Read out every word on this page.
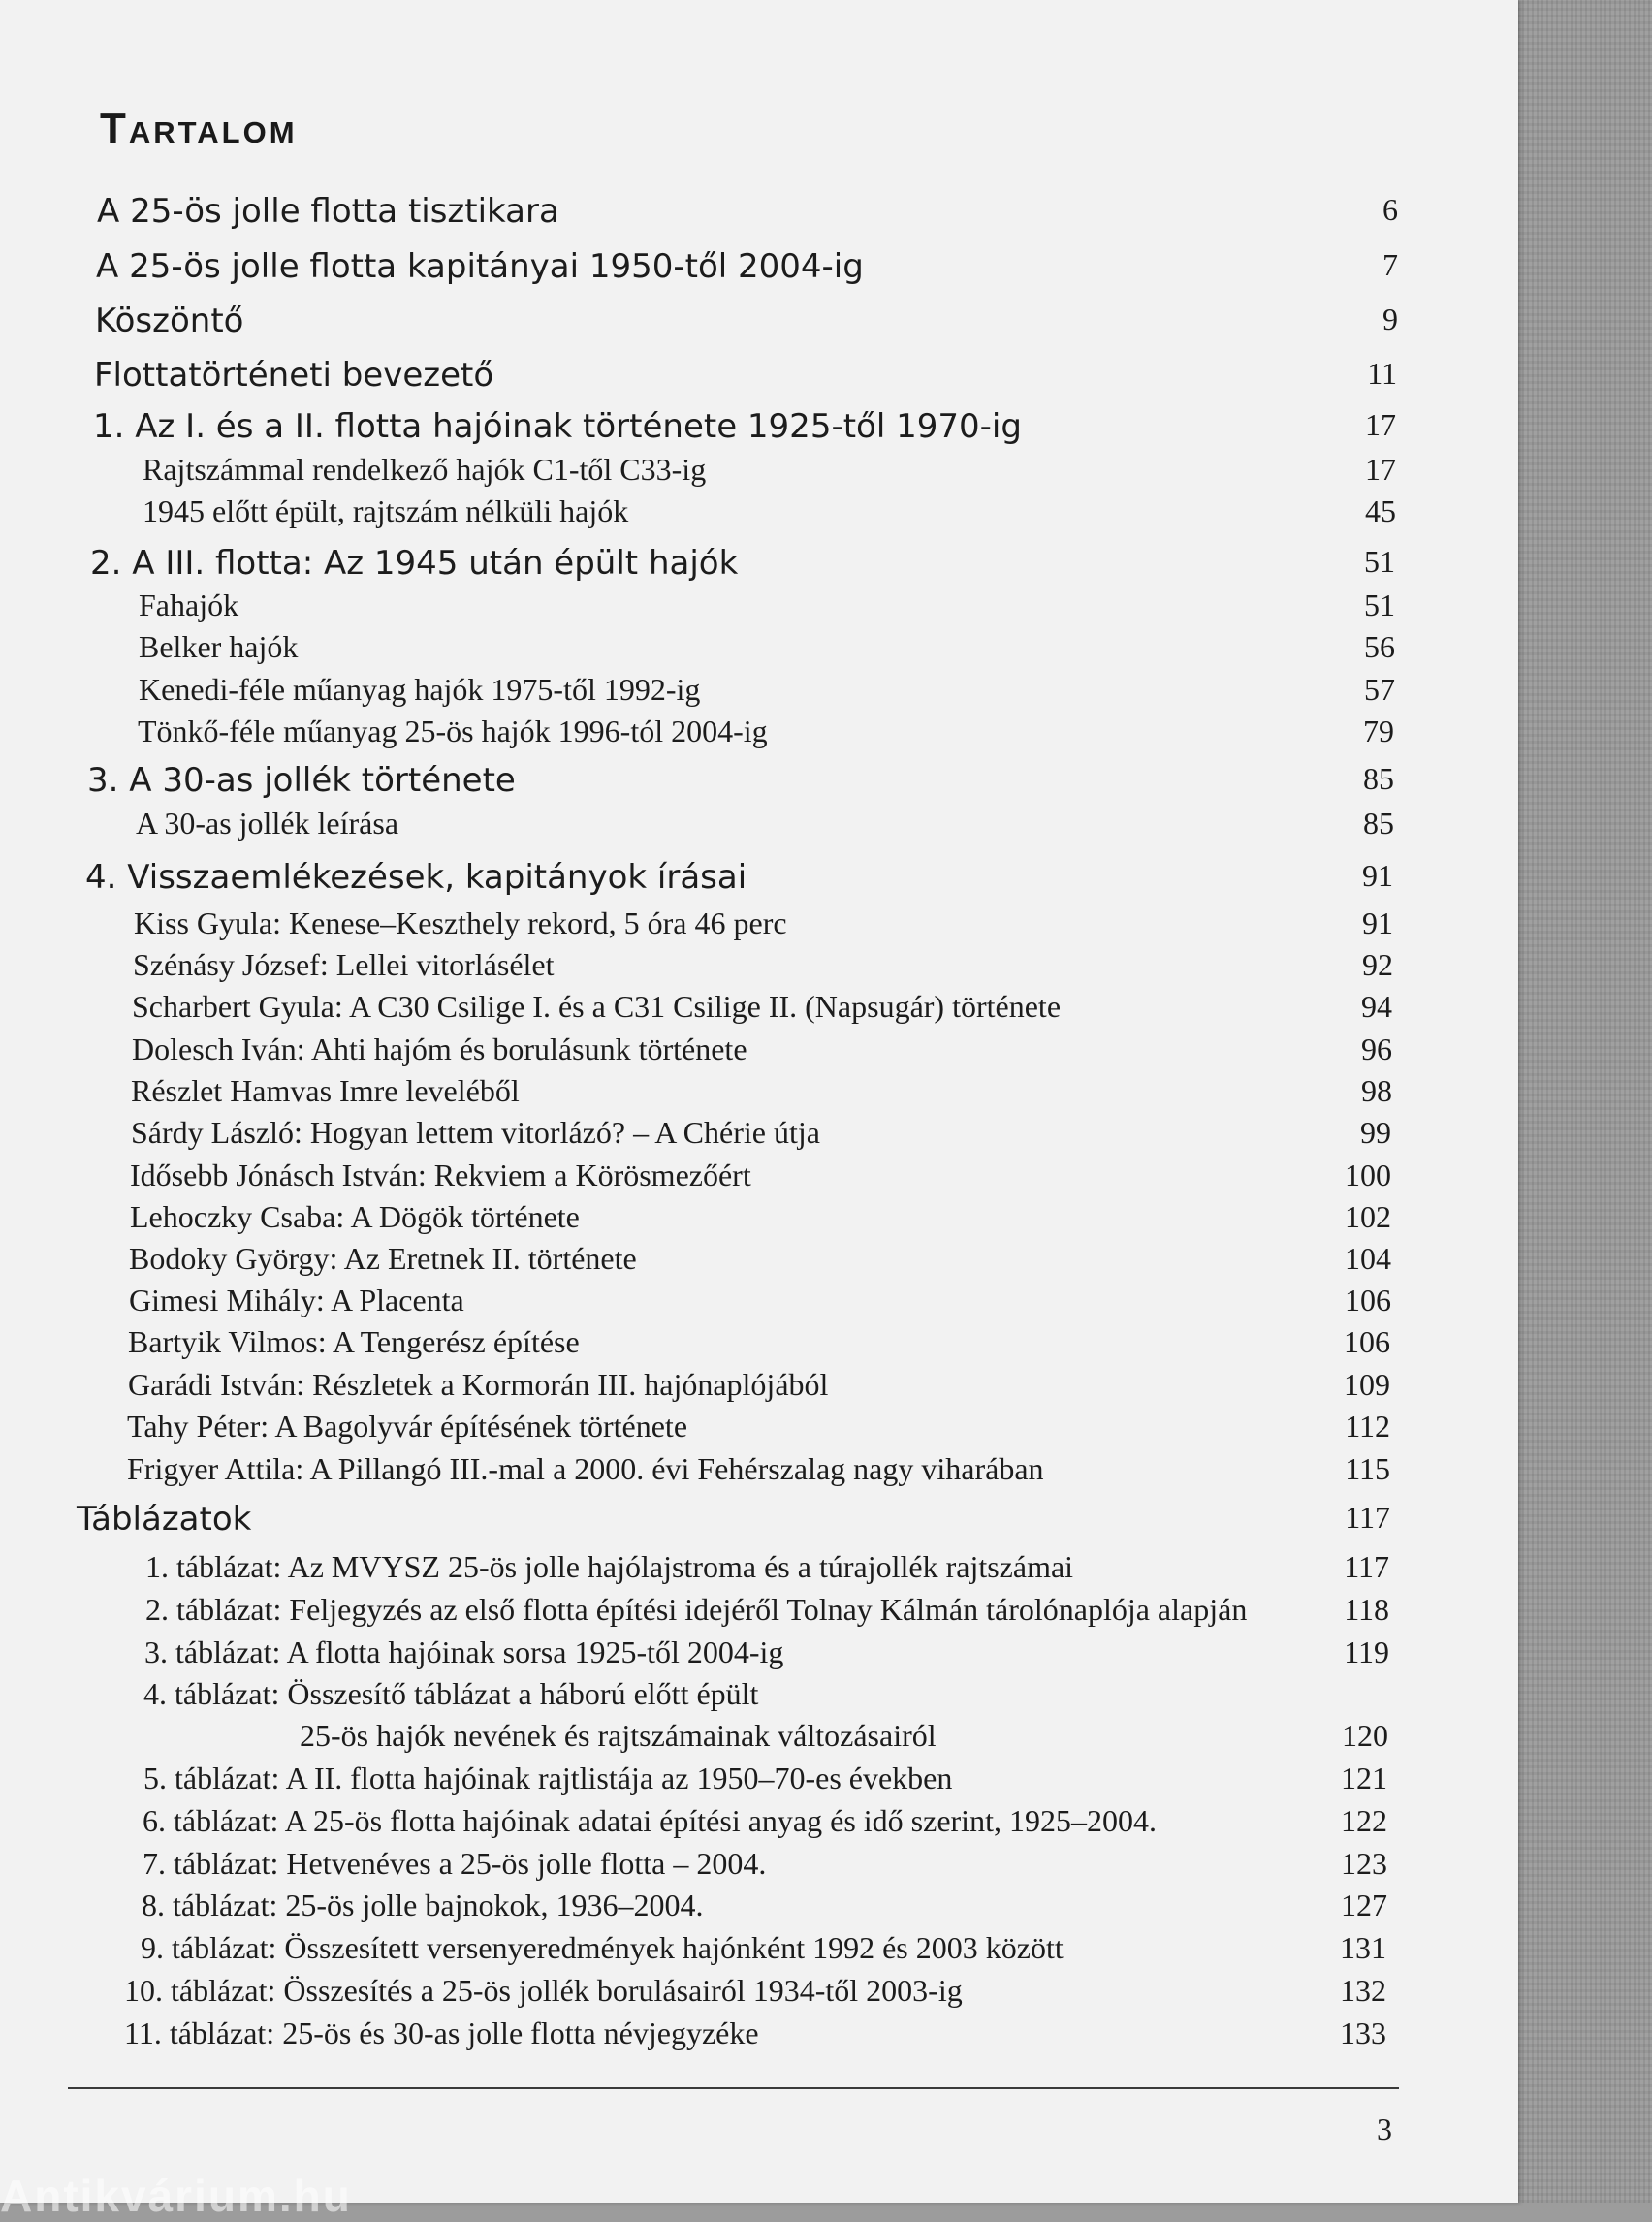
Tartalom
A 25-ös jolle flotta tisztikara	6
A 25-ös jolle flotta kapitányai 1950-től 2004-ig	7
Köszöntő	9
Flottatörténeti bevezető	11
1. Az I. és a II. flotta hajóinak története 1925-től 1970-ig	17
Rajtszámmal rendelkező hajók C1-től C33-ig	17
1945 előtt épült, rajtszám nélküli hajók	45
2. A III. flotta: Az 1945 után épült hajók	51
Fahajók	51
Belker hajók	56
Kenedi-féle műanyag hajók 1975-től 1992-ig	57
Tönkő-féle műanyag 25-ös hajók 1996-tól 2004-ig	79
3. A 30-as jollék története	85
A 30-as jollék leírása	85
4. Visszaemlékezések, kapitányok írásai	91
Kiss Gyula: Kenese–Keszthely rekord, 5 óra 46 perc	91
Szénásy József: Lellei vitorlásélet	92
Scharbert Gyula: A C30 Csilige I. és a C31 Csilige II. (Napsugár) története	94
Dolesch Iván: Ahti hajóm és borulásunk története	96
Részlet Hamvas Imre leveléből	98
Sárdy László: Hogyan lettem vitorlázó? – A Chérie útja	99
Idősebb Jónásch István: Rekviem a Körösmezőért	100
Lehoczky Csaba: A Dögök története	102
Bodoky György: Az Eretnek II. története	104
Gimesi Mihály: A Placenta	106
Bartyik Vilmos: A Tengerész építése	106
Garádi István: Részletek a Kormorán III. hajónaplójából	109
Tahy Péter: A Bagolyvár építésének története	112
Frigyer Attila: A Pillangó III.-mal a 2000. évi Fehérszalag nagy viharában	115
Táblázatok	117
1. táblázat: Az MVYSZ 25-ös jolle hajólajstroma és a túrajollék rajtszámai	117
2. táblázat: Feljegyzés az első flotta építési idejéről Tolnay Kálmán tárolónaplója alapján	118
3. táblázat: A flotta hajóinak sorsa 1925-től 2004-ig	119
4. táblázat: Összesítő táblázat a háború előtt épült
25-ös hajók nevének és rajtszámainak változásairól	120
5. táblázat: A II. flotta hajóinak rajtlistája az 1950–70-es években	121
6. táblázat: A 25-ös flotta hajóinak adatai építési anyag és idő szerint, 1925–2004.	122
7. táblázat: Hetvenéves a 25-ös jolle flotta – 2004.	123
8. táblázat: 25-ös jolle bajnokok, 1936–2004.	127
9. táblázat: Összesített versenyeredmények hajónként 1992 és 2003 között	131
10. táblázat: Összesítés a 25-ös jollék borulásairól 1934-től 2003-ig	132
11. táblázat: 25-ös és 30-as jolle flotta névjegyzéke	133
3
Antikvárium.hu
